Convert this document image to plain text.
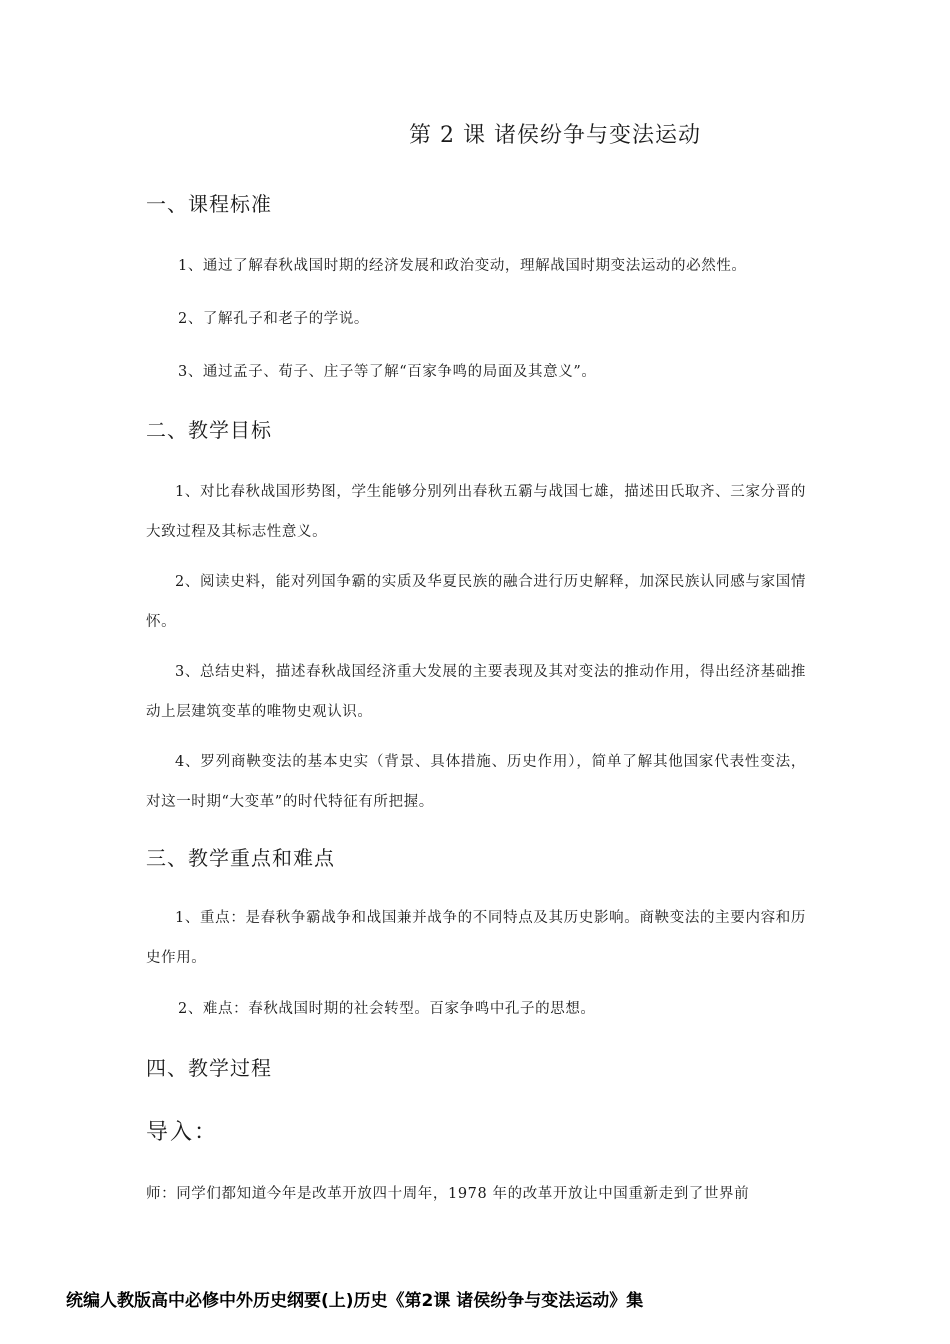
第 2 课 诸侯纷争与变法运动
一、课程标准
1、通过了解春秋战国时期的经济发展和政治变动，理解战国时期变法运动的必然性。
2、了解孔子和老子的学说。
3、通过孟子、荀子、庄子等了解“百家争鸣的局面及其意义”。
二、教学目标
1、对比春秋战国形势图，学生能够分别列出春秋五霸与战国七雄，描述田氏取齐、三家分晋的大致过程及其标志性意义。
2、阅读史料，能对列国争霸的实质及华夏民族的融合进行历史解释，加深民族认同感与家国情怀。
3、总结史料，描述春秋战国经济重大发展的主要表现及其对变法的推动作用，得出经济基础推动上层建筑变革的唯物史观认识。
4、罗列商鞅变法的基本史实（背景、具体措施、历史作用），简单了解其他国家代表性变法，对这一时期“大变革”的时代特征有所把握。
三、教学重点和难点
1、重点：是春秋争霸战争和战国兼并战争的不同特点及其历史影响。商鞅变法的主要内容和历史作用。
2、难点：春秋战国时期的社会转型。百家争鸣中孔子的思想。
四、教学过程
导入：
师：同学们都知道今年是改革开放四十周年，1978 年的改革开放让中国重新走到了世界前
统编人教版高中必修中外历史纲要(上)历史《第2课 诸侯纷争与变法运动》集
